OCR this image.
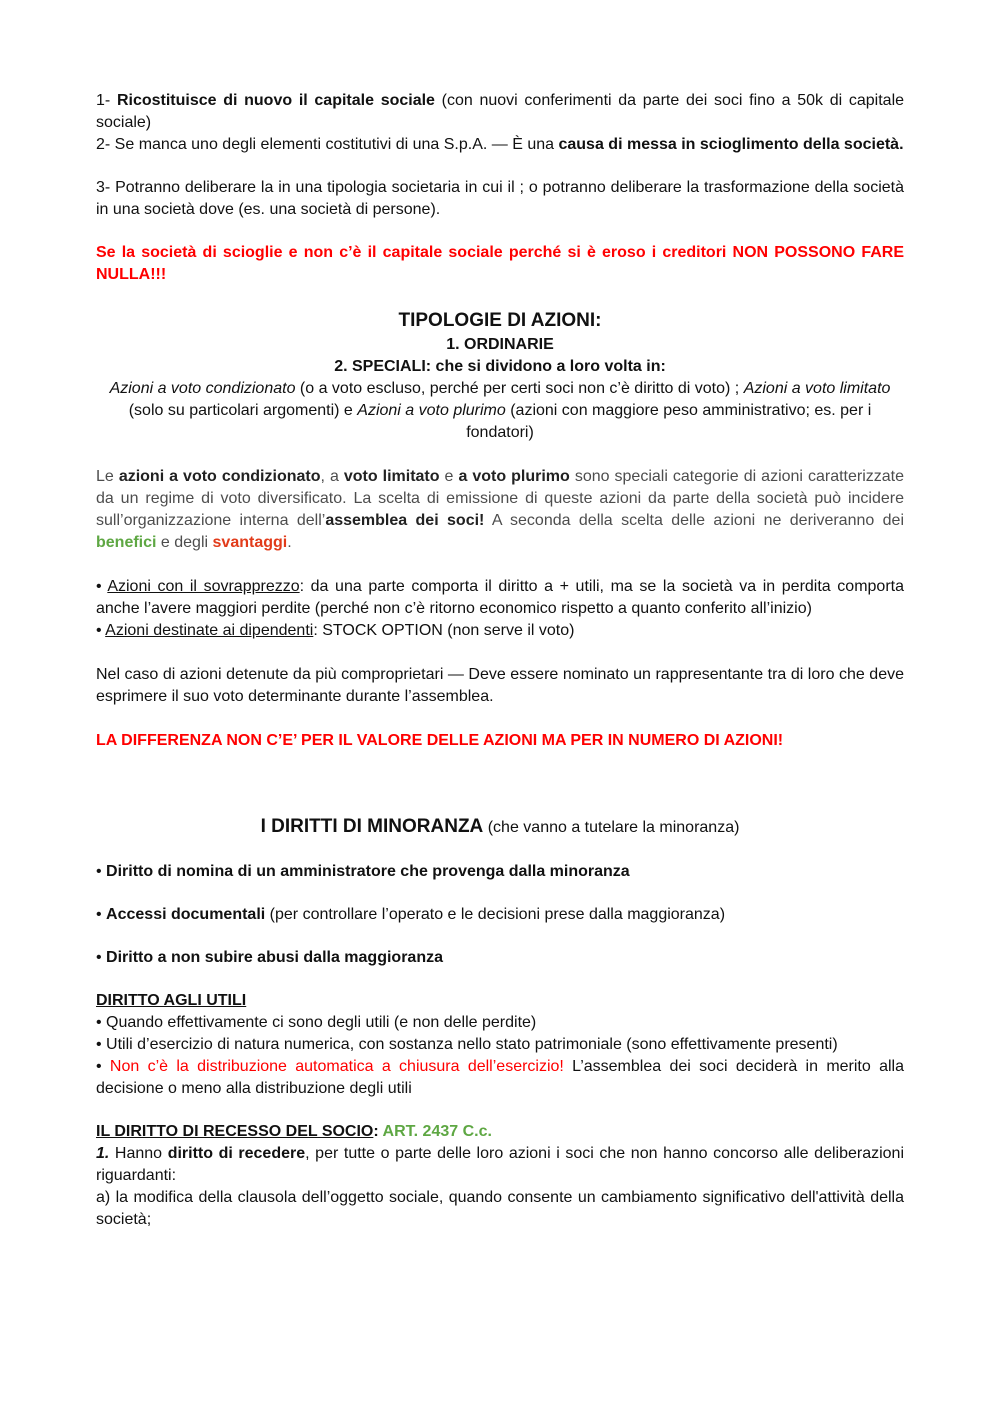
1- Ricostituisce di nuovo il capitale sociale (con nuovi conferimenti da parte dei soci fino a 50k di capitale sociale)

2- Se manca uno degli elementi costitutivi di una S.p.A. — È una causa di messa in scioglimento della società.

3- Potranno deliberare la in una tipologia societaria in cui il ; o potranno deliberare la trasformazione della società in una società dove (es. una società di persone).

Se la società di scioglie e non c’è il capitale sociale perché si è eroso i creditori NON POSSONO FARE NULLA!!!

TIPOLOGIE DI AZIONI:

1. ORDINARIE

2. SPECIALI: che si dividono a loro volta in:

Azioni a voto condizionato (o a voto escluso, perché per certi soci non c’è diritto di voto) ; Azioni a voto limitato (solo su particolari argomenti) e Azioni a voto plurimo (azioni con maggiore peso amministrativo; es. per i fondatori)

Le azioni a voto condizionato, a voto limitato e a voto plurimo sono speciali categorie di azioni caratterizzate da un regime di voto diversificato. La scelta di emissione di queste azioni da parte della società può incidere sull’organizzazione interna dell’assemblea dei soci! A seconda della scelta delle azioni ne deriveranno dei benefici e degli svantaggi.

• Azioni con il sovrapprezzo: da una parte comporta il diritto a + utili, ma se la società va in perdita comporta anche l’avere maggiori perdite (perché non c’è ritorno economico rispetto a quanto conferito all’inizio)

• Azioni destinate ai dipendenti: STOCK OPTION (non serve il voto)

Nel caso di azioni detenute da più comproprietari — Deve essere nominato un rappresentante tra di loro che deve esprimere il suo voto determinante durante l’assemblea.

LA DIFFERENZA NON C’E’ PER IL VALORE DELLE AZIONI MA PER IN NUMERO DI AZIONI!

I DIRITTI DI MINORANZA (che vanno a tutelare la minoranza)

• Diritto di nomina di un amministratore che provenga dalla minoranza

• Accessi documentali (per controllare l’operato e le decisioni prese dalla maggioranza)

• Diritto a non subire abusi dalla maggioranza

DIRITTO AGLI UTILI

• Quando effettivamente ci sono degli utili (e non delle perdite)

• Utili d’esercizio di natura numerica, con sostanza nello stato patrimoniale (sono effettivamente presenti)

• Non c’è la distribuzione automatica a chiusura dell’esercizio! L’assemblea dei soci deciderà in merito alla decisione o meno alla distribuzione degli utili

IL DIRITTO DI RECESSO DEL SOCIO: ART. 2437 C.c.

1. Hanno diritto di recedere, per tutte o parte delle loro azioni i soci che non hanno concorso alle deliberazioni riguardanti:

a) la modifica della clausola dell’oggetto sociale, quando consente un cambiamento significativo dell'attività della società;
